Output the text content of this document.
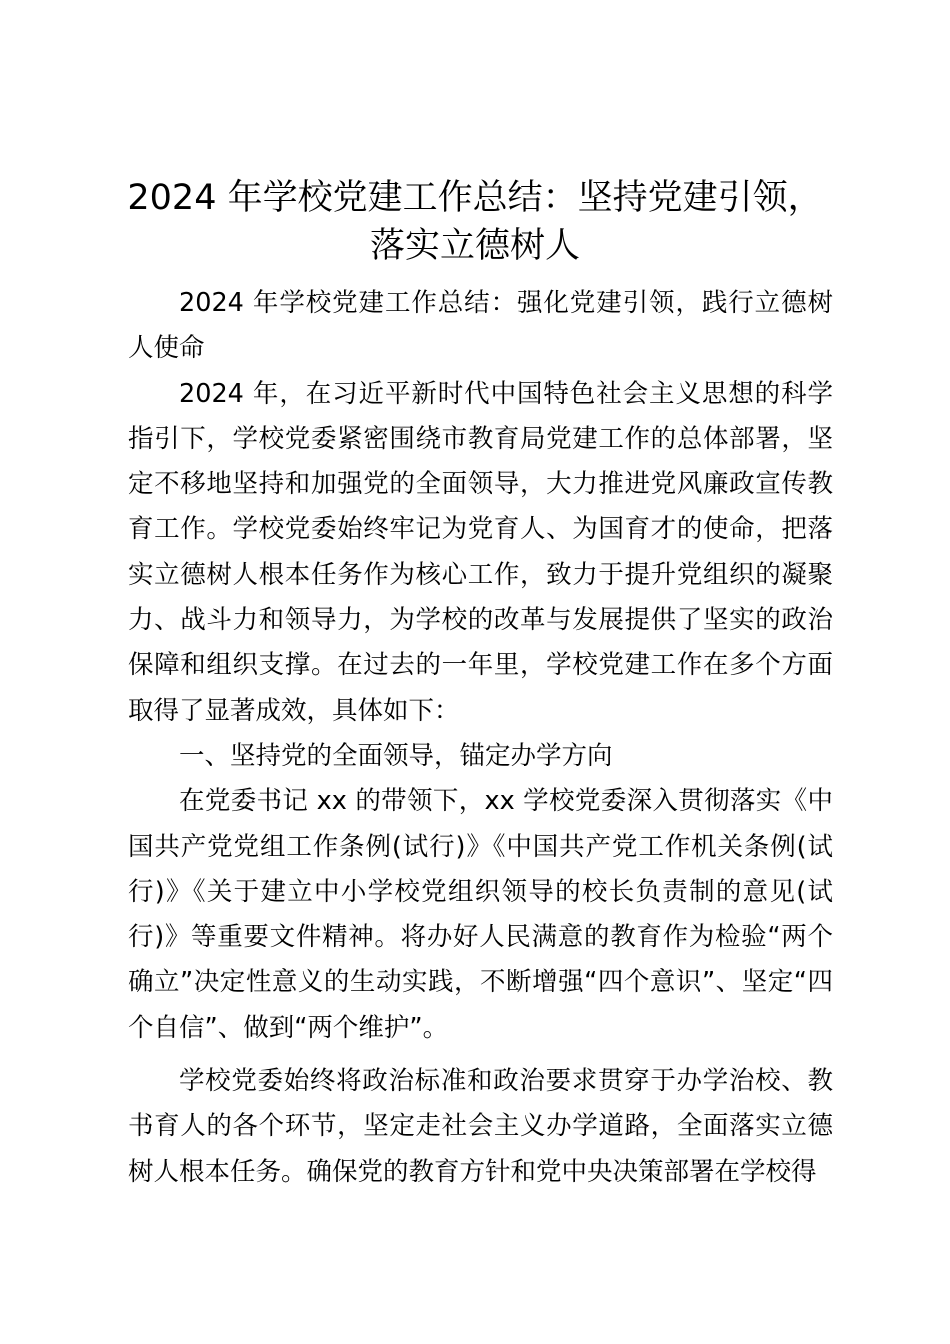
2024 年学校党建工作总结：坚持党建引领，
落实立德树人

2024 年学校党建工作总结：强化党建引领，践行立德树人使命

2024 年，在习近平新时代中国特色社会主义思想的科学指引下，学校党委紧密围绕市教育局党建工作的总体部署，坚定不移地坚持和加强党的全面领导，大力推进党风廉政宣传教育工作。学校党委始终牢记为党育人、为国育才的使命，把落实立德树人根本任务作为核心工作，致力于提升党组织的凝聚力、战斗力和领导力，为学校的改革与发展提供了坚实的政治保障和组织支撑。在过去的一年里，学校党建工作在多个方面取得了显著成效，具体如下：

一、坚持党的全面领导，锚定办学方向

在党委书记 xx 的带领下，xx 学校党委深入贯彻落实《中国共产党党组工作条例(试行)》《中国共产党工作机关条例(试行)》《关于建立中小学校党组织领导的校长负责制的意见(试行)》等重要文件精神。将办好人民满意的教育作为检验“两个确立”决定性意义的生动实践，不断增强“四个意识”、坚定“四个自信”、做到“两个维护”。

学校党委始终将政治标准和政治要求贯穿于办学治校、教书育人的各个环节，坚定走社会主义办学道路，全面落实立德树人根本任务。确保党的教育方针和党中央决策部署在学校得
